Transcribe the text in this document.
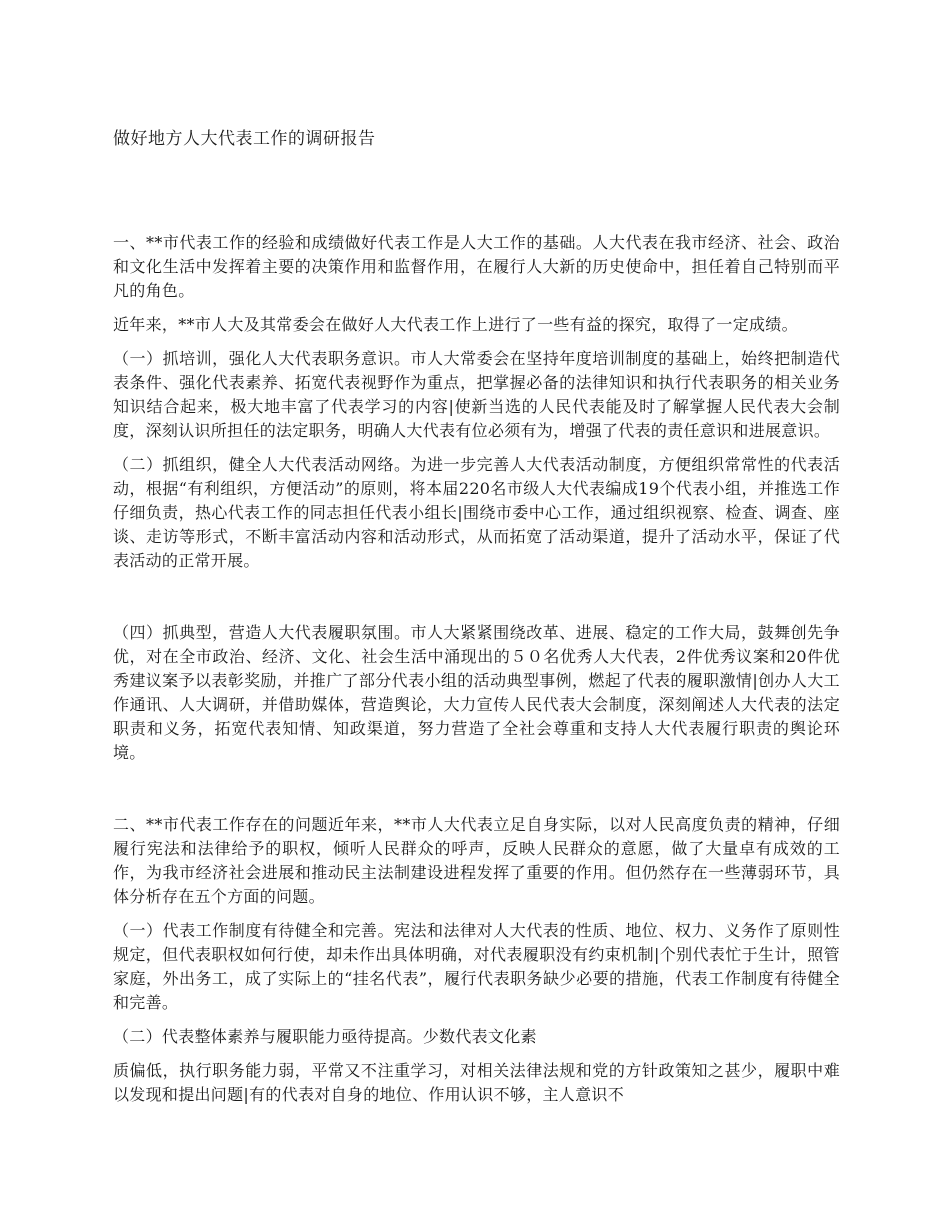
做好地方人大代表工作的调研报告

一、**市代表工作的经验和成绩做好代表工作是人大工作的基础。人大代表在我市经济、社会、政治和文化生活中发挥着主要的决策作用和监督作用，在履行人大新的历史使命中，担任着自己特别而平凡的角色。

近年来，**市人大及其常委会在做好人大代表工作上进行了一些有益的探究，取得了一定成绩。

（一）抓培训，强化人大代表职务意识。市人大常委会在坚持年度培训制度的基础上，始终把制造代表条件、强化代表素养、拓宽代表视野作为重点，把掌握必备的法律知识和执行代表职务的相关业务知识结合起来，极大地丰富了代表学习的内容|使新当选的人民代表能及时了解掌握人民代表大会制度，深刻认识所担任的法定职务，明确人大代表有位必须有为，增强了代表的责任意识和进展意识。

（二）抓组织，健全人大代表活动网络。为进一步完善人大代表活动制度，方便组织常常性的代表活动，根据“有利组织，方便活动”的原则，将本届220名市级人大代表编成19个代表小组，并推选工作仔细负责，热心代表工作的同志担任代表小组长|围绕市委中心工作，通过组织视察、检查、调查、座谈、走访等形式，不断丰富活动内容和活动形式，从而拓宽了活动渠道，提升了活动水平，保证了代表活动的正常开展。

（四）抓典型，营造人大代表履职氛围。市人大紧紧围绕改革、进展、稳定的工作大局，鼓舞创先争优，对在全市政治、经济、文化、社会生活中涌现出的５０名优秀人大代表，2件优秀议案和20件优秀建议案予以表彰奖励，并推广了部分代表小组的活动典型事例，燃起了代表的履职激情|创办人大工作通讯、人大调研，并借助媒体，营造舆论，大力宣传人民代表大会制度，深刻阐述人大代表的法定职责和义务，拓宽代表知情、知政渠道，努力营造了全社会尊重和支持人大代表履行职责的舆论环境。

二、**市代表工作存在的问题近年来，**市人大代表立足自身实际，以对人民高度负责的精神，仔细履行宪法和法律给予的职权，倾听人民群众的呼声，反映人民群众的意愿，做了大量卓有成效的工作，为我市经济社会进展和推动民主法制建设进程发挥了重要的作用。但仍然存在一些薄弱环节，具体分析存在五个方面的问题。

（一）代表工作制度有待健全和完善。宪法和法律对人大代表的性质、地位、权力、义务作了原则性规定，但代表职权如何行使，却未作出具体明确，对代表履职没有约束机制|个别代表忙于生计，照管家庭，外出务工，成了实际上的“挂名代表”，履行代表职务缺少必要的措施，代表工作制度有待健全和完善。

（二）代表整体素养与履职能力亟待提高。少数代表文化素

质偏低，执行职务能力弱，平常又不注重学习，对相关法律法规和党的方针政策知之甚少，履职中难以发现和提出问题|有的代表对自身的地位、作用认识不够，主人意识不
